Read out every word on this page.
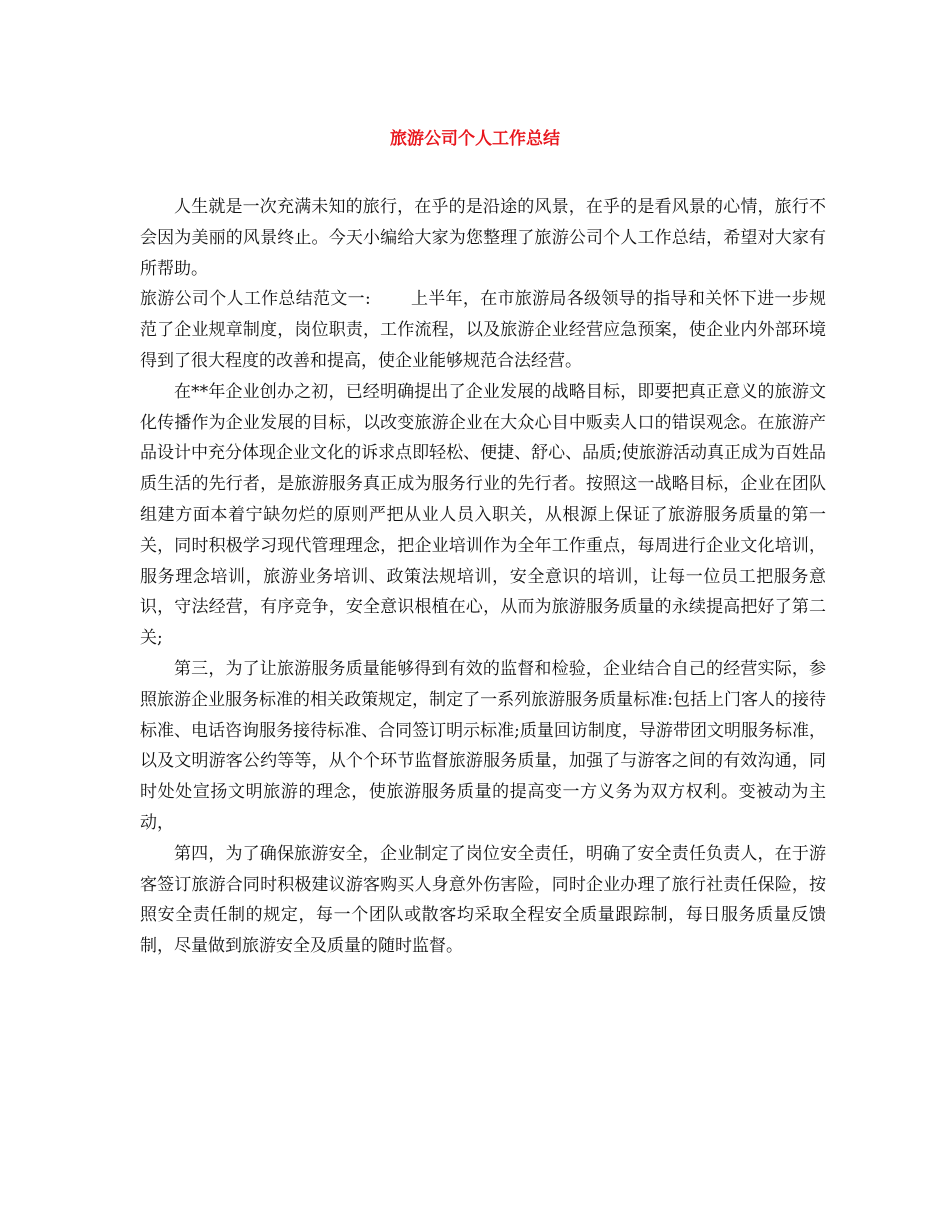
旅游公司个人工作总结

人生就是一次充满未知的旅行，在乎的是沿途的风景，在乎的是看风景的心情，旅行不会因为美丽的风景终止。今天小编给大家为您整理了旅游公司个人工作总结，希望对大家有所帮助。

旅游公司个人工作总结范文一: 上半年，在市旅游局各级领导的指导和关怀下进一步规范了企业规章制度，岗位职责，工作流程，以及旅游企业经营应急预案，使企业内外部环境得到了很大程度的改善和提高，使企业能够规范合法经营。

在**年企业创办之初，已经明确提出了企业发展的战略目标，即要把真正意义的旅游文化传播作为企业发展的目标，以改变旅游企业在大众心目中贩卖人口的错误观念。在旅游产品设计中充分体现企业文化的诉求点即轻松、便捷、舒心、品质;使旅游活动真正成为百姓品质生活的先行者，是旅游服务真正成为服务行业的先行者。按照这一战略目标，企业在团队组建方面本着宁缺勿烂的原则严把从业人员入职关，从根源上保证了旅游服务质量的第一关，同时积极学习现代管理理念，把企业培训作为全年工作重点，每周进行企业文化培训，服务理念培训，旅游业务培训、政策法规培训，安全意识的培训，让每一位员工把服务意识，守法经营，有序竞争，安全意识根植在心，从而为旅游服务质量的永续提高把好了第二关;

第三，为了让旅游服务质量能够得到有效的监督和检验，企业结合自己的经营实际，参照旅游企业服务标准的相关政策规定，制定了一系列旅游服务质量标准:包括上门客人的接待标准、电话咨询服务接待标准、合同签订明示标准;质量回访制度，导游带团文明服务标准，以及文明游客公约等等，从个个环节监督旅游服务质量，加强了与游客之间的有效沟通，同时处处宣扬文明旅游的理念，使旅游服务质量的提高变一方义务为双方权利。变被动为主动，

第四，为了确保旅游安全，企业制定了岗位安全责任，明确了安全责任负责人，在于游客签订旅游合同时积极建议游客购买人身意外伤害险，同时企业办理了旅行社责任保险，按照安全责任制的规定，每一个团队或散客均采取全程安全质量跟踪制，每日服务质量反馈制，尽量做到旅游安全及质量的随时监督。
